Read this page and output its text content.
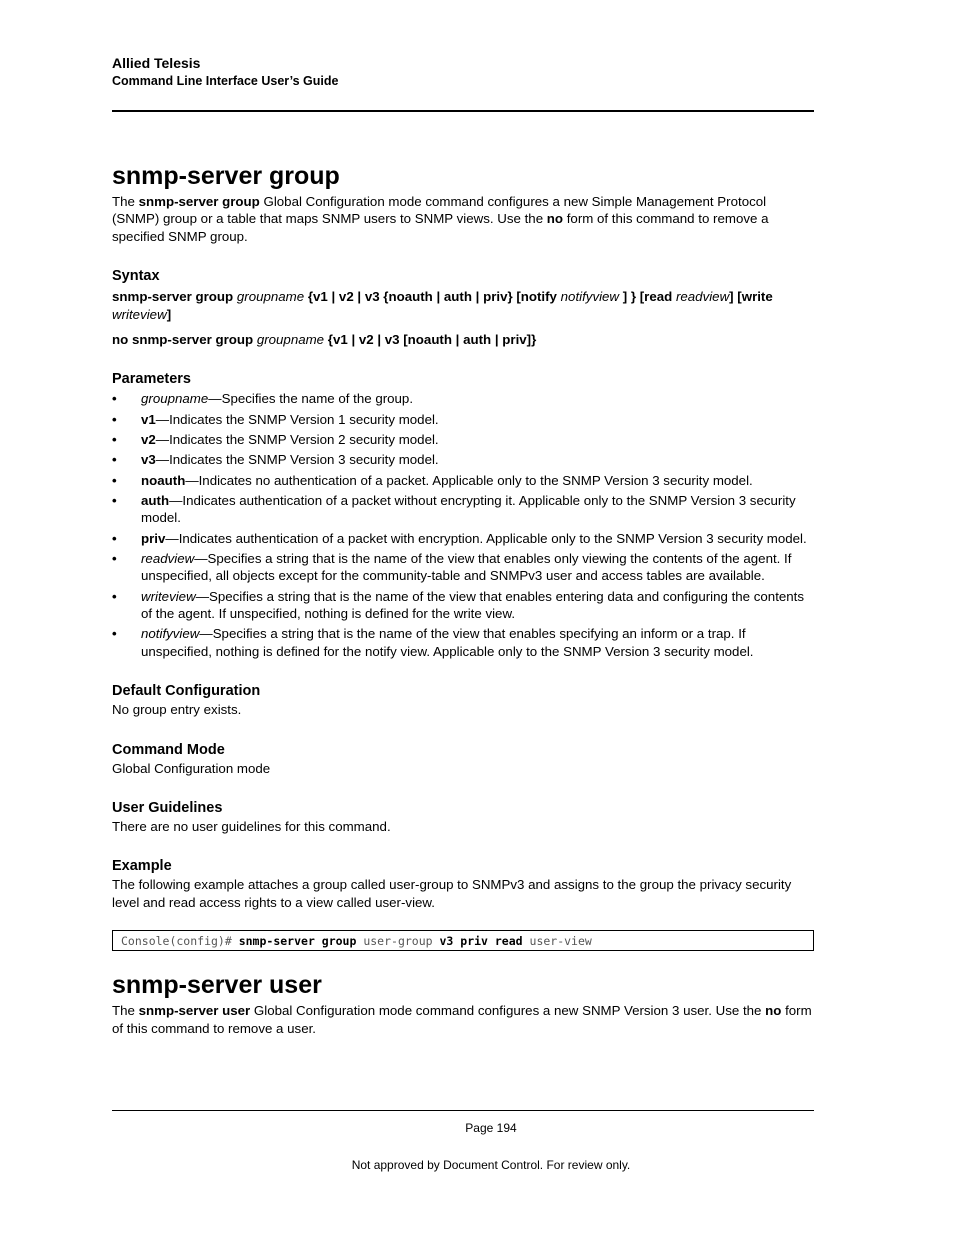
Allied Telesis
Command Line Interface User’s Guide
snmp-server group

The snmp-server group Global Configuration mode command configures a new Simple Management Protocol (SNMP) group or a table that maps SNMP users to SNMP views. Use the no form of this command to remove a specified SNMP group.

Syntax

snmp-server group groupname {v1 | v2 | v3 {noauth | auth | priv} [notify notifyview ] } [read readview] [write writeview]

no snmp-server group groupname {v1 | v2 | v3 [noauth | auth | priv]}

Parameters
• groupname—Specifies the name of the group.
• v1—Indicates the SNMP Version 1 security model.
• v2—Indicates the SNMP Version 2 security model.
• v3—Indicates the SNMP Version 3 security model.
• noauth—Indicates no authentication of a packet. Applicable only to the SNMP Version 3 security model.
• auth—Indicates authentication of a packet without encrypting it. Applicable only to the SNMP Version 3 security model.
• priv—Indicates authentication of a packet with encryption. Applicable only to the SNMP Version 3 security model.
• readview—Specifies a string that is the name of the view that enables only viewing the contents of the agent. If unspecified, all objects except for the community-table and SNMPv3 user and access tables are available.
• writeview—Specifies a string that is the name of the view that enables entering data and configuring the contents of the agent. If unspecified, nothing is defined for the write view.
• notifyview—Specifies a string that is the name of the view that enables specifying an inform or a trap. If unspecified, nothing is defined for the notify view. Applicable only to the SNMP Version 3 security model.
Default Configuration

No group entry exists.

Command Mode

Global Configuration mode

User Guidelines

There are no user guidelines for this command.

Example

The following example attaches a group called user-group to SNMPv3 and assigns to the group the privacy security level and read access rights to a view called user-view.

Console(config)# snmp-server group user-group v3 priv read user-view
snmp-server user

The snmp-server user Global Configuration mode command configures a new SNMP Version 3 user. Use the no form of this command to remove a user.

Page 194
Not approved by Document Control. For review only.
